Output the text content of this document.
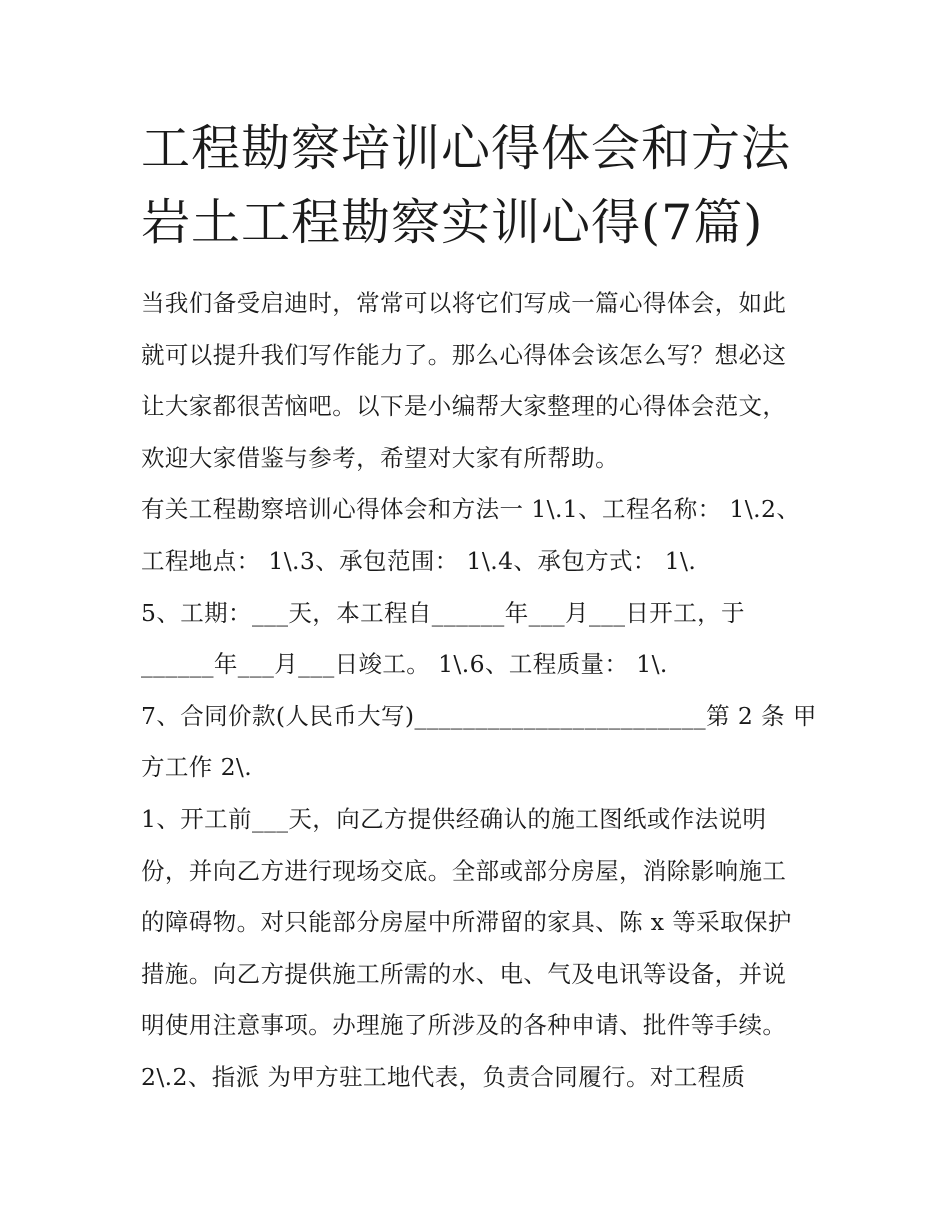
工程勘察培训心得体会和方法
岩土工程勘察实训心得(7篇)

当我们备受启迪时，常常可以将它们写成一篇心得体会，如此
就可以提升我们写作能力了。那么心得体会该怎么写？想必这
让大家都很苦恼吧。以下是小编帮大家整理的心得体会范文，
欢迎大家借鉴与参考，希望对大家有所帮助。

有关工程勘察培训心得体会和方法一 1\.1、工程名称： 1\.2、
工程地点： 1\.3、承包范围： 1\.4、承包方式： 1\.
5、工期：___天，本工程自______年___月___日开工，于
______年___月___日竣工。 1\.6、工程质量： 1\.
7、合同价款(人民币大写)________________________第 2 条 甲
方工作 2\.

1、开工前___天，向乙方提供经确认的施工图纸或作法说明
份，并向乙方进行现场交底。全部或部分房屋，消除影响施工
的障碍物。对只能部分房屋中所滞留的家具、陈 x 等采取保护
措施。向乙方提供施工所需的水、电、气及电讯等设备，并说
明使用注意事项。办理施了所涉及的各种申请、批件等手续。
2\.2、指派 为甲方驻工地代表，负责合同履行。对工程质
